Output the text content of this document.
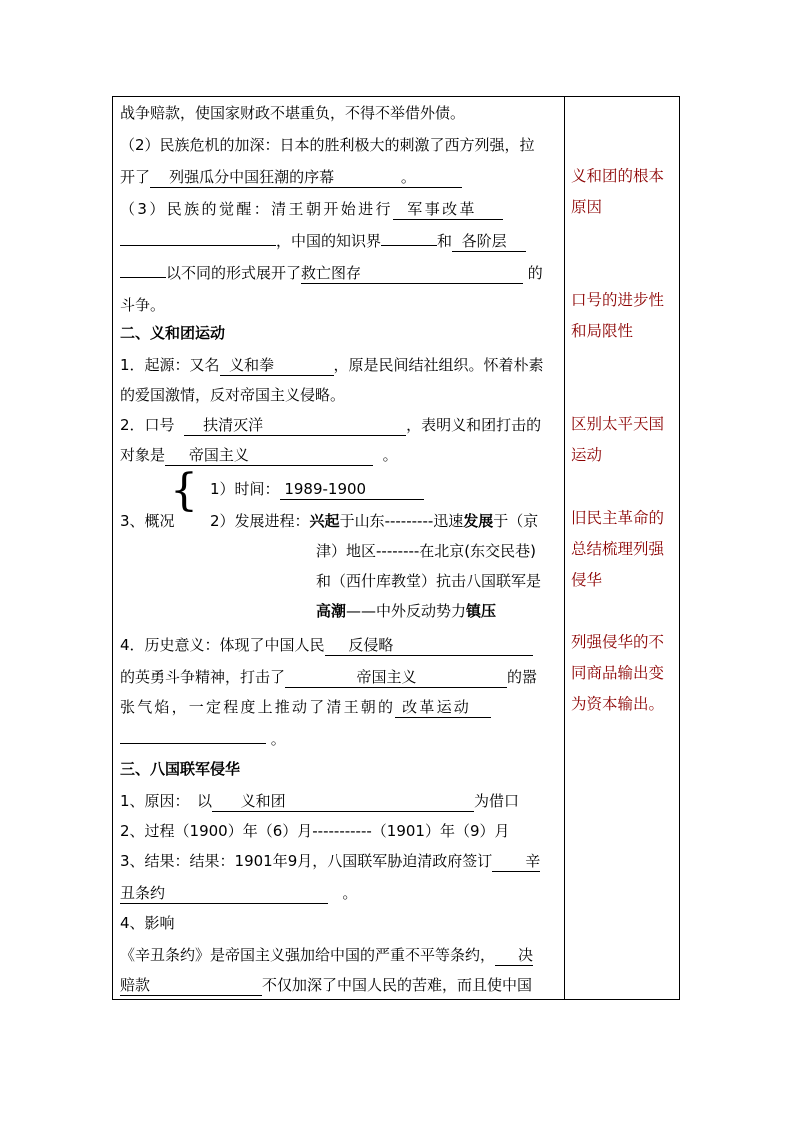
战争赔款，使国家财政不堪重负，不得不举借外债。
（2）民族危机的加深：日本的胜利极大的刺激了西方列强，拉
开了 列强瓜分中国狂潮的序幕	。
（3）民族的觉醒：清王朝开始进行 军事改革
，中国的知识界	和 各阶层
以不同的形式展开了救亡图存	的
斗争。
二、义和团运动
1．起源：又名 义和拳	，原是民间结社组织。怀着朴素
的爱国激情，反对帝国主义侵略。
2．口号 扶清灭洋	，表明义和团打击的
对象是 帝国主义	。
{ 1）时间： 1989-1900
3、概况 2）发展进程：兴起于山东---------迅速发展于（京
津）地区--------在北京(东交民巷)
和（西什库教堂）抗击八国联军是
高潮——中外反动势力镇压
4．历史意义：体现了中国人民 反侵略
的英勇斗争精神，打击了	帝国主义	的嚣
张气焰，一定程度上推动了清王朝的 改革运动
。
三、八国联军侵华
1、原因：　以 义和团	为借口
2、过程（1900）年（6）月-----------（1901）年（9）月
3、结果：结果：1901年9月，八国联军胁迫清政府签订 辛
丑条约	。
4、影响
《辛丑条约》是帝国主义强加给中国的严重不平等条约， 决
赔款	不仅加深了中国人民的苦难，而且使中国
义和团的根本
原因
口号的进步性
和局限性
区别太平天国
运动
旧民主革命的
总结梳理列强
侵华
列强侵华的不
同商品输出变
为资本输出。
